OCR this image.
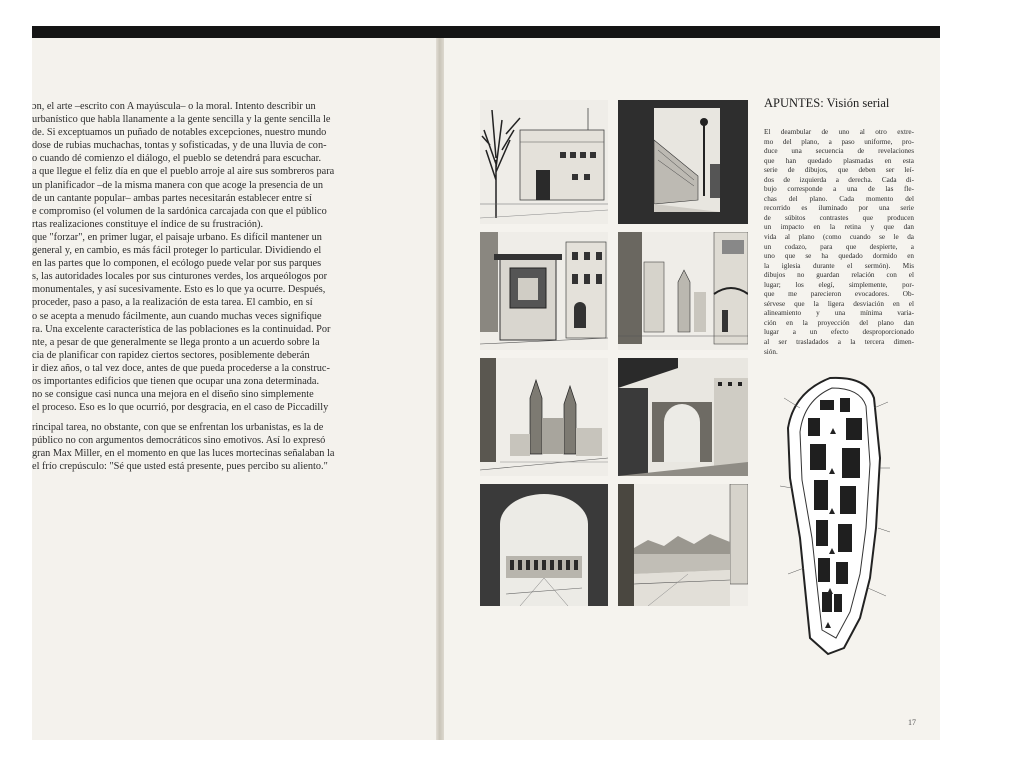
ɔn, el arte –escrito con A mayúscula– o la moral. Intento describir un
urbanístico que habla llanamente a la gente sencilla y la gente sencilla le
de. Si exceptuamos un puñado de notables excepciones, nuestro mundo
dose de rubias muchachas, tontas y sofisticadas, y de una lluvia de con-
o cuando dé comienzo el diálogo, el pueblo se detendrá para escuchar.
a que llegue el feliz día en que el pueblo arroje al aire sus sombreros para
un planificador –de la misma manera con que acoge la presencia de un
de un cantante popular– ambas partes necesitarán establecer entre sí
e compromiso (el volumen de la sardónica carcajada con que el público
rtas realizaciones constituye el índice de su frustración).
que "forzar", en primer lugar, el paisaje urbano. Es difícil mantener un
general y, en cambio, es más fácil proteger lo particular. Dividiendo el
en las partes que lo componen, el ecólogo puede velar por sus parques
s, las autoridades locales por sus cinturones verdes, los arqueólogos por
monumentales, y así sucesivamente. Esto es lo que ya ocurre. Después,
proceder, paso a paso, a la realización de esta tarea. El cambio, en sí
o se acepta a menudo fácilmente, aun cuando muchas veces signifique
ra. Una excelente característica de las poblaciones es la continuidad. Por
nte, a pesar de que generalmente se llega pronto a un acuerdo sobre la
cia de planificar con rapidez ciertos sectores, posiblemente deberán
ir diez años, o tal vez doce, antes de que pueda procederse a la construc-
os importantes edificios que tienen que ocupar una zona determinada.
no se consigue casi nunca una mejora en el diseño sino simplemente
el proceso. Eso es lo que ocurrió, por desgracia, en el caso de Piccadilly
rincipal tarea, no obstante, con que se enfrentan los urbanistas, es la de
público no con argumentos democráticos sino emotivos. Así lo expresó
gran Max Miller, en el momento en que las luces mortecinas señalaban la
el frío crepúsculo: "Sé que usted está presente, pues percibo su aliento."
APUNTES: Visión serial
El deambular de uno al otro extre-
mo del plano, a paso uniforme, pro-
duce una secuencia de revelaciones
que han quedado plasmadas en esta
serie de dibujos, que deben ser leí-
dos de izquierda a derecha. Cada di-
bujo corresponde a una de las fle-
chas del plano. Cada momento del
recorrido es iluminado por una serie
de súbitos contrastes que producen
un impacto en la retina y que dan
vida al plano (como cuando se le da
un codazo, para que despierte, a
uno que se ha quedado dormido en
la iglesia durante el sermón). Mis
dibujos no guardan relación con el
lugar; los elegí, simplemente, por-
que me parecieron evocadores. Ob-
sérvese que la ligera desviación en el
alineamiento y una mínima varia-
ción en la proyección del plano dan
lugar a un efecto desproporcionado
al ser trasladados a la tercera dimen-
sión.
17
